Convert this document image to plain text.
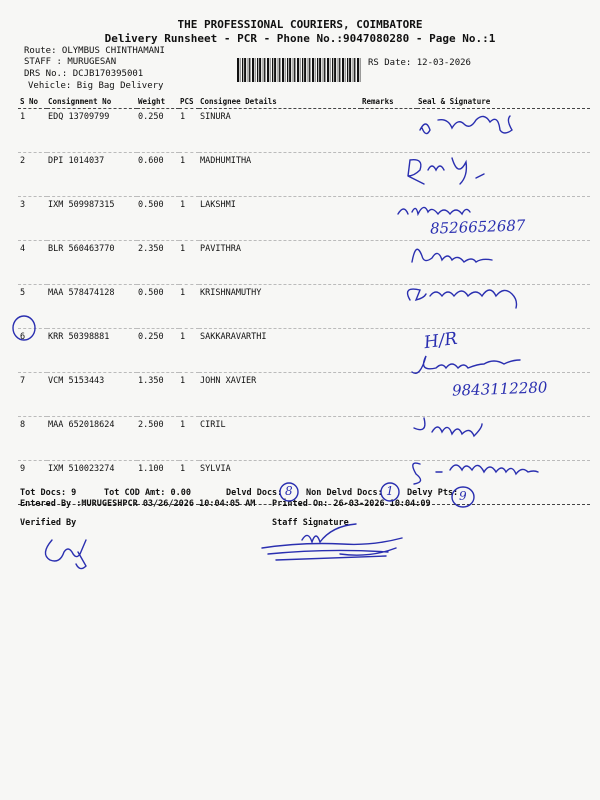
THE PROFESSIONAL COURIERS, COIMBATORE
Delivery Runsheet - PCR - Phone No.:9047080280 - Page No.:1
Route: OLYMBUS CHINTHAMANI
STAFF : MURUGESAN
DRS No.: DCJB170395001
Vehicle: Big Bag Delivery
RS Date: 12-03-2026
S No	Consignment No	Weight	PCS	Consignee Details	Remarks	Seal & Signature
1	EDQ 13709799	0.250	1	SINURA		
2	DPI 1014037	0.600	1	MADHUMITHA		
3	IXM 509987315	0.500	1	LAKSHMI		
4	BLR 560463770	2.350	1	PAVITHRA		
5	MAA 578474128	0.500	1	KRISHNAMUTHY		
6	KRR 50398881	0.250	1	SAKKARAVARTHI		
7	VCM 5153443	1.350	1	JOHN XAVIER		
8	MAA 652018624	2.500	1	CIRIL		
9	IXM 510023274	1.100	1	SYLVIA		
Tot Docs: 9	Tot COD Amt: 0.00	Delvd Docs:	Non Delvd Docs:	Delvy Pts:
Entered By :MURUGESHPCR 03/26/2026 10:04:05 AM Printed On: 26-03-2026 10:04:09
Verified By	Staff Signature
8526652687
9843112280
H/R
8	1	9
